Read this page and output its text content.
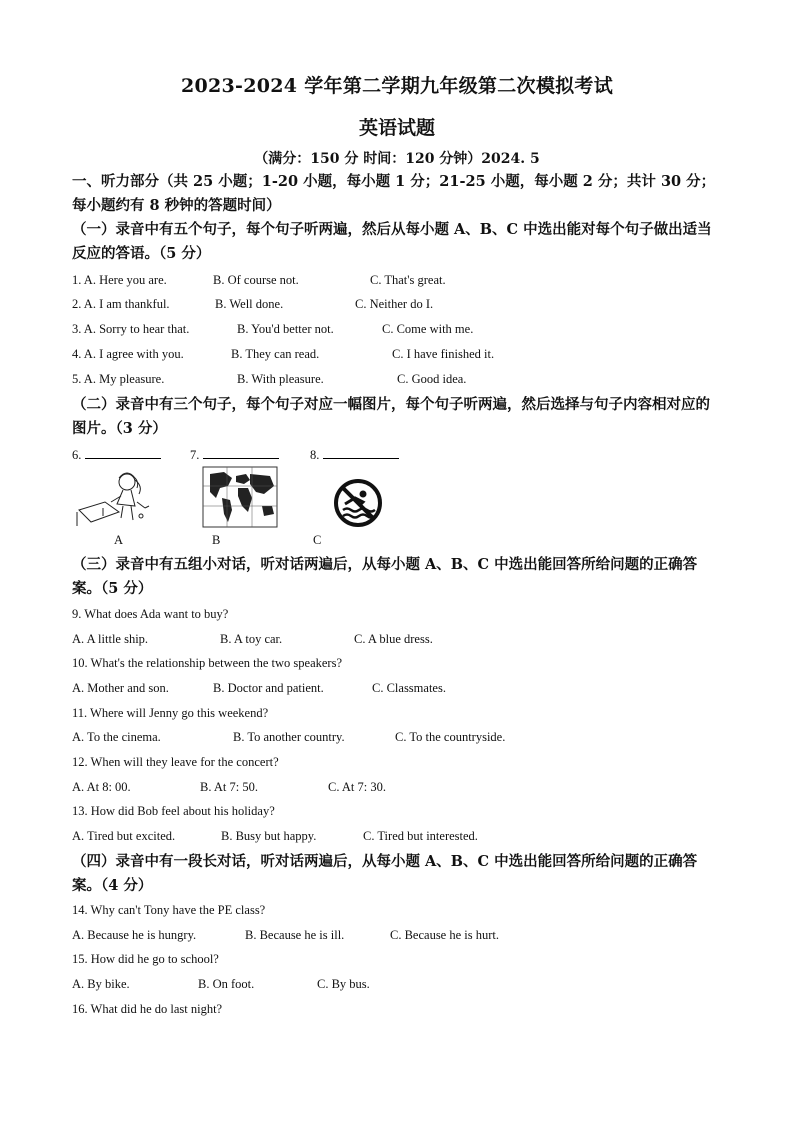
2023-2024 学年第二学期九年级第二次模拟考试
英语试题
（满分：150 分 时间：120 分钟）2024. 5
一、听力部分（共 25 小题；1-20 小题，每小题 1 分；21-25 小题，每小题 2 分；共计 30 分；每小题约有 8 秒钟的答题时间）
（一）录音中有五个句子，每个句子听两遍，然后从每小题 A、B、C 中选出能对每个句子做出适当反应的答语。（5 分）
1. A. Here you are.	B. Of course not.	C. That's great.
2. A. I am thankful.	B. Well done.	C. Neither do I.
3. A. Sorry to hear that.	B. You'd better not.	C. Come with me.
4. A. I agree with you.	B. They can read.	C. I have finished it.
5. A. My pleasure.	B. With pleasure.	C. Good idea.
（二）录音中有三个句子，每个句子对应一幅图片，每个句子听两遍，然后选择与句子内容相对应的图片。（3 分）
6.	7.	8.
A	B	C
（三）录音中有五组小对话，听对话两遍后，从每小题 A、B、C 中选出能回答所给问题的正确答案。（5 分）
9. What does Ada want to buy?
A. A little ship.	B. A toy car.	C. A blue dress.
10. What's the relationship between the two speakers?
A. Mother and son.	B. Doctor and patient.	C. Classmates.
11. Where will Jenny go this weekend?
A. To the cinema.	B. To another country.	C. To the countryside.
12. When will they leave for the concert?
A. At 8: 00.	B. At 7: 50.	C. At 7: 30.
13. How did Bob feel about his holiday?
A. Tired but excited.	B. Busy but happy.	C. Tired but interested.
（四）录音中有一段长对话，听对话两遍后，从每小题 A、B、C 中选出能回答所给问题的正确答案。（4 分）
14. Why can't Tony have the PE class?
A. Because he is hungry.	B. Because he is ill.	C. Because he is hurt.
15. How did he go to school?
A. By bike.	B. On foot.	C. By bus.
16. What did he do last night?
